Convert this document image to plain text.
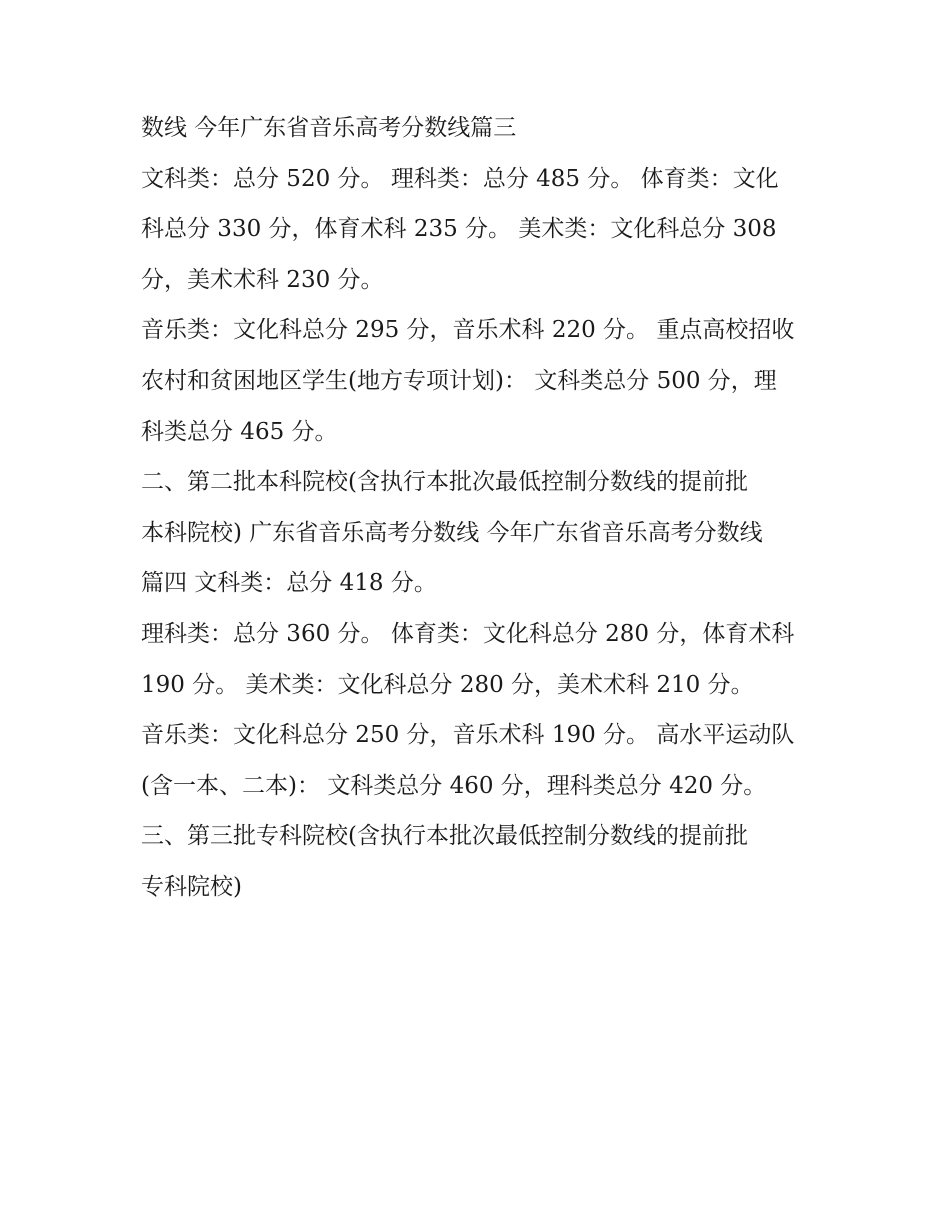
数线 今年广东省音乐高考分数线篇三
文科类：总分 520 分。 理科类：总分 485 分。 体育类：文化
科总分 330 分，体育术科 235 分。 美术类：文化科总分 308
分，美术术科 230 分。
音乐类：文化科总分 295 分，音乐术科 220 分。 重点高校招收
农村和贫困地区学生(地方专项计划)： 文科类总分 500 分，理
科类总分 465 分。
二、第二批本科院校(含执行本批次最低控制分数线的提前批
本科院校) 广东省音乐高考分数线 今年广东省音乐高考分数线
篇四 文科类：总分 418 分。
理科类：总分 360 分。 体育类：文化科总分 280 分，体育术科
190 分。 美术类：文化科总分 280 分，美术术科 210 分。
音乐类：文化科总分 250 分，音乐术科 190 分。 高水平运动队
(含一本、二本)： 文科类总分 460 分，理科类总分 420 分。
三、第三批专科院校(含执行本批次最低控制分数线的提前批
专科院校)
